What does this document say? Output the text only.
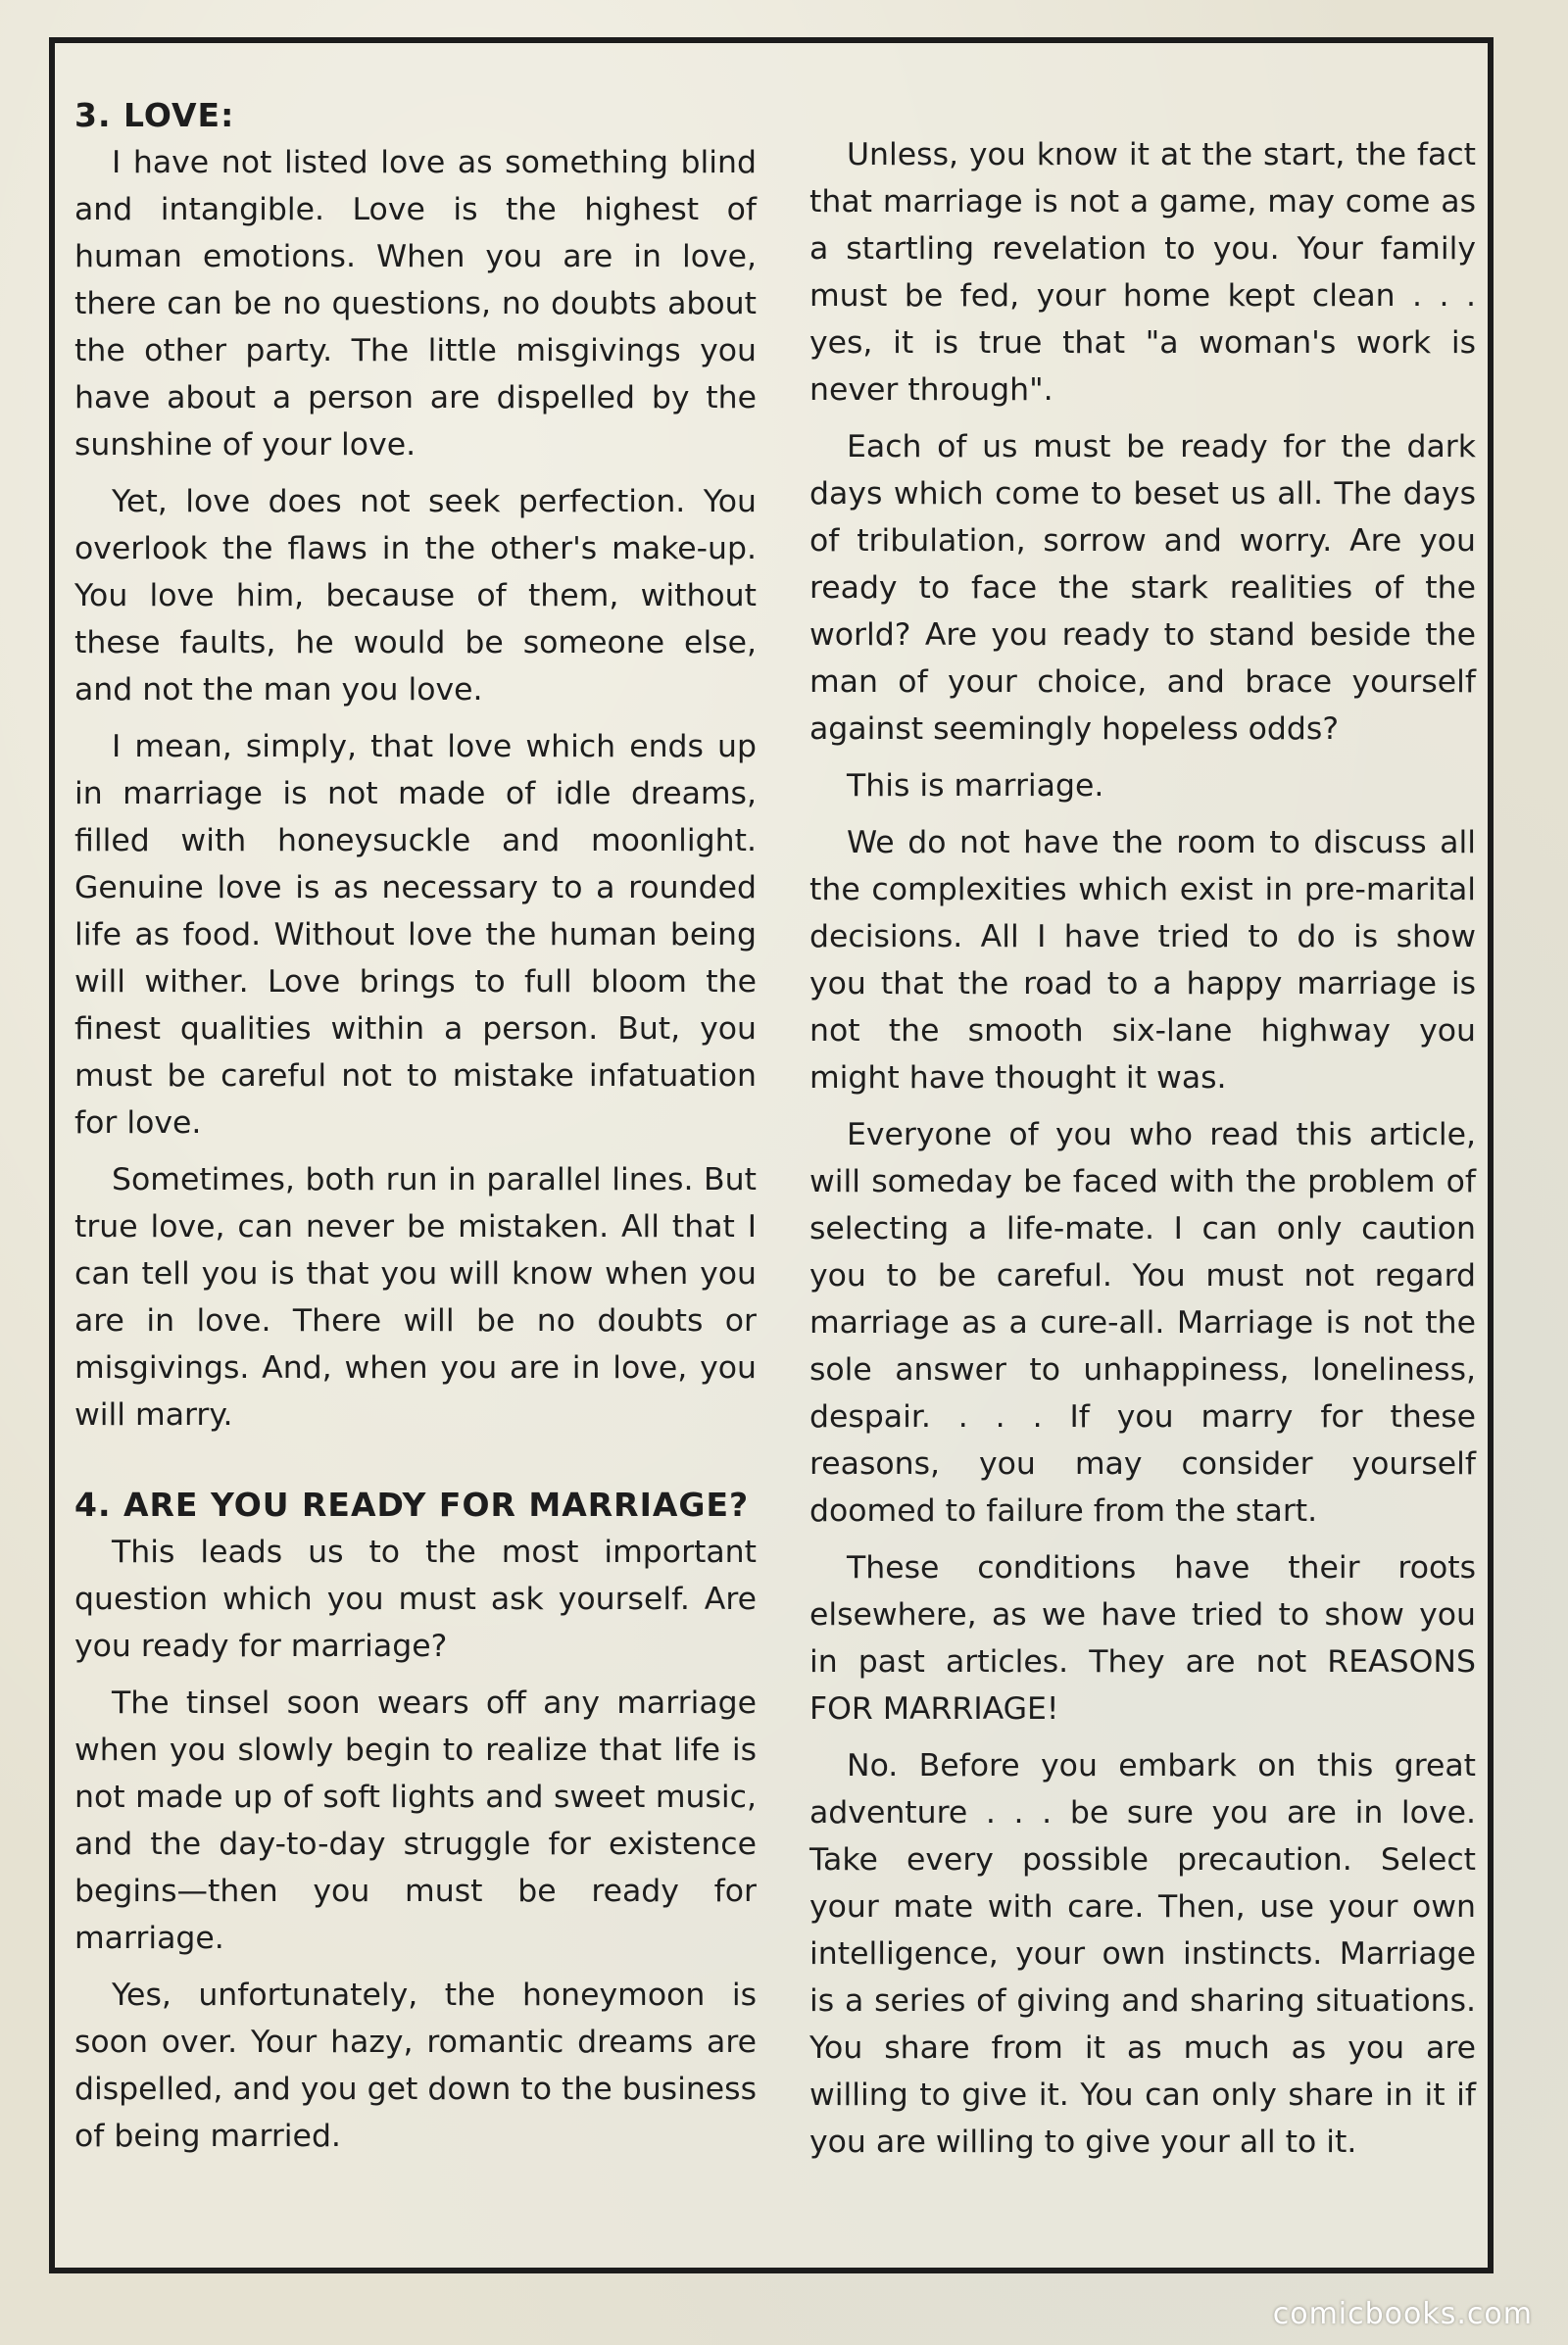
3. LOVE:

I have not listed love as something blind and intangible. Love is the highest of human emotions. When you are in love, there can be no questions, no doubts about the other party. The little misgivings you have about a person are dispelled by the sunshine of your love.

Yet, love does not seek perfection. You overlook the flaws in the other's make-up. You love him, because of them, without these faults, he would be someone else, and not the man you love.

I mean, simply, that love which ends up in marriage is not made of idle dreams, filled with honeysuckle and moonlight. Genuine love is as necessary to a rounded life as food. Without love the human being will wither. Love brings to full bloom the finest qualities within a person. But, you must be careful not to mistake infatuation for love.

Sometimes, both run in parallel lines. But true love, can never be mistaken. All that I can tell you is that you will know when you are in love. There will be no doubts or misgivings. And, when you are in love, you will marry.

4. ARE YOU READY FOR MARRIAGE?

This leads us to the most important question which you must ask yourself. Are you ready for marriage?

The tinsel soon wears off any marriage when you slowly begin to realize that life is not made up of soft lights and sweet music, and the day-to-day struggle for existence begins—then you must be ready for marriage.

Yes, unfortunately, the honeymoon is soon over. Your hazy, romantic dreams are dispelled, and you get down to the business of being married.

Unless, you know it at the start, the fact that marriage is not a game, may come as a startling revelation to you. Your family must be fed, your home kept clean . . . yes, it is true that "a woman's work is never through".

Each of us must be ready for the dark days which come to beset us all. The days of tribulation, sorrow and worry. Are you ready to face the stark realities of the world? Are you ready to stand beside the man of your choice, and brace yourself against seemingly hopeless odds?

This is marriage.

We do not have the room to discuss all the complexities which exist in pre-marital decisions. All I have tried to do is show you that the road to a happy marriage is not the smooth six-lane highway you might have thought it was.

Everyone of you who read this article, will someday be faced with the problem of selecting a life-mate. I can only caution you to be careful. You must not regard marriage as a cure-all. Marriage is not the sole answer to unhappiness, loneliness, despair. . . . If you marry for these reasons, you may consider yourself doomed to failure from the start.

These conditions have their roots elsewhere, as we have tried to show you in past articles. They are not REASONS FOR MARRIAGE!

No. Before you embark on this great adventure . . . be sure you are in love. Take every possible precaution. Select your mate with care. Then, use your own intelligence, your own instincts. Marriage is a series of giving and sharing situations. You share from it as much as you are willing to give it. You can only share in it if you are willing to give your all to it.

comicbooks.com
